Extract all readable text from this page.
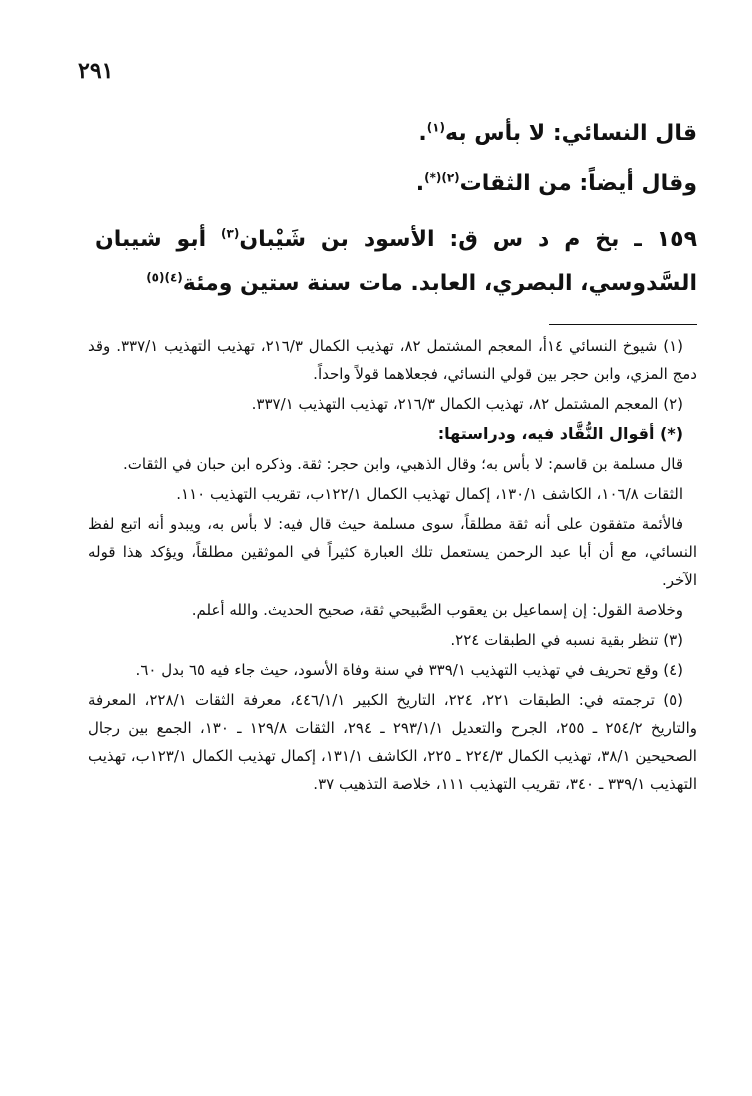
٢٩١

قال النسائي: لا بأس به$^{(١)}$.

وقال أيضاً: من الثقات$^{(٢)(*)}$.

١٥٩ ـ بخ م د س ق: الأسود بن شَيْبان$^{(٣)}$ أبو شيبان السَّدوسي، البصري، العابد. مات سنة ستين ومئة$^{(٤)(٥)}$

(١) شيوخ النسائي ١٤أ، المعجم المشتمل ٨٢، تهذيب الكمال ٢١٦/٣، تهذيب التهذيب ٣٣٧/١. وقد دمج المزي، وابن حجر بين قولي النسائي، فجعلاهما قولاً واحداً.

(٢) المعجم المشتمل ٨٢، تهذيب الكمال ٢١٦/٣، تهذيب التهذيب ٣٣٧/١.

(*) أقوال النُّقَّاد فيه، ودراستها:

قال مسلمة بن قاسم: لا بأس به؛ وقال الذهبي، وابن حجر: ثقة. وذكره ابن حبان في الثقات.

الثقات ١٠٦/٨، الكاشف ١٣٠/١، إكمال تهذيب الكمال ١٢٢/١ب، تقريب التهذيب ١١٠.

فالأئمة متفقون على أنه ثقة مطلقاً، سوى مسلمة حيث قال فيه: لا بأس به، ويبدو أنه اتبع لفظ النسائي، مع أن أبا عبد الرحمن يستعمل تلك العبارة كثيراً في الموثقين مطلقاً، ويؤكد هذا قوله الآخر.

وخلاصة القول: إن إسماعيل بن يعقوب الصَّبيحي ثقة، صحيح الحديث. والله أعلم.

(٣) تنظر بقية نسبه في الطبقات ٢٢٤.

(٤) وقع تحريف في تهذيب التهذيب ٣٣٩/١ في سنة وفاة الأسود، حيث جاء فيه ٦٥ بدل ٦٠.

(٥) ترجمته في: الطبقات ٢٢١، ٢٢٤، التاريخ الكبير ٤٤٦/١/١، معرفة الثقات ٢٢٨/١، المعرفة والتاريخ ٢٥٤/٢ ـ ٢٥٥، الجرح والتعديل ٢٩٣/١/١ ـ ٢٩٤، الثقات ١٢٩/٨ ـ ١٣٠، الجمع بين رجال الصحيحين ٣٨/١، تهذيب الكمال ٢٢٤/٣ ـ ٢٢٥، الكاشف ١٣١/١، إكمال تهذيب الكمال ١٢٣/١ب، تهذيب التهذيب ٣٣٩/١ ـ ٣٤٠، تقريب التهذيب ١١١، خلاصة التذهيب ٣٧.
